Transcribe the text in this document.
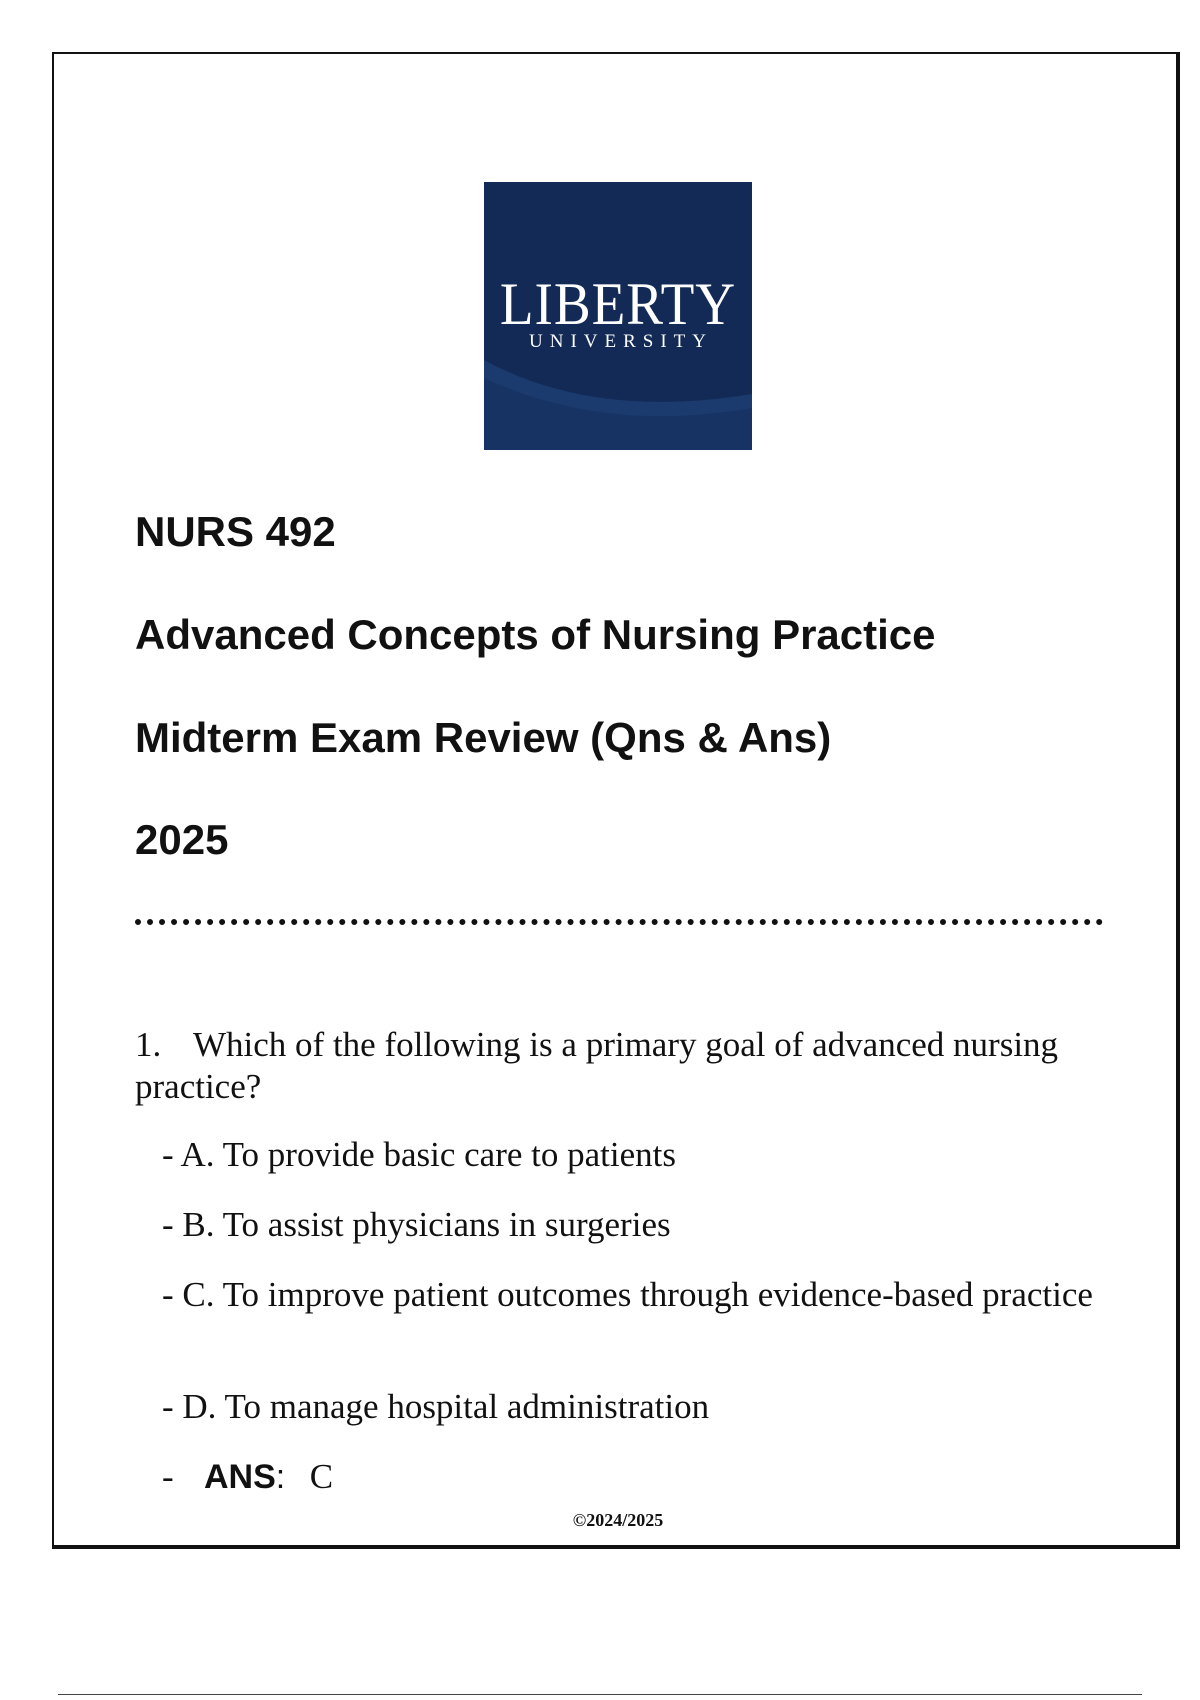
LIBERTY
UNIVERSITY
NURS 492
Advanced Concepts of Nursing Practice
Midterm Exam Review (Qns & Ans)
2025
1. Which of the following is a primary goal of advanced nursing practice?
- A. To provide basic care to patients
- B. To assist physicians in surgeries
- C. To improve patient outcomes through evidence-based practice
- D. To manage hospital administration
- ANS: C
©2024/2025
